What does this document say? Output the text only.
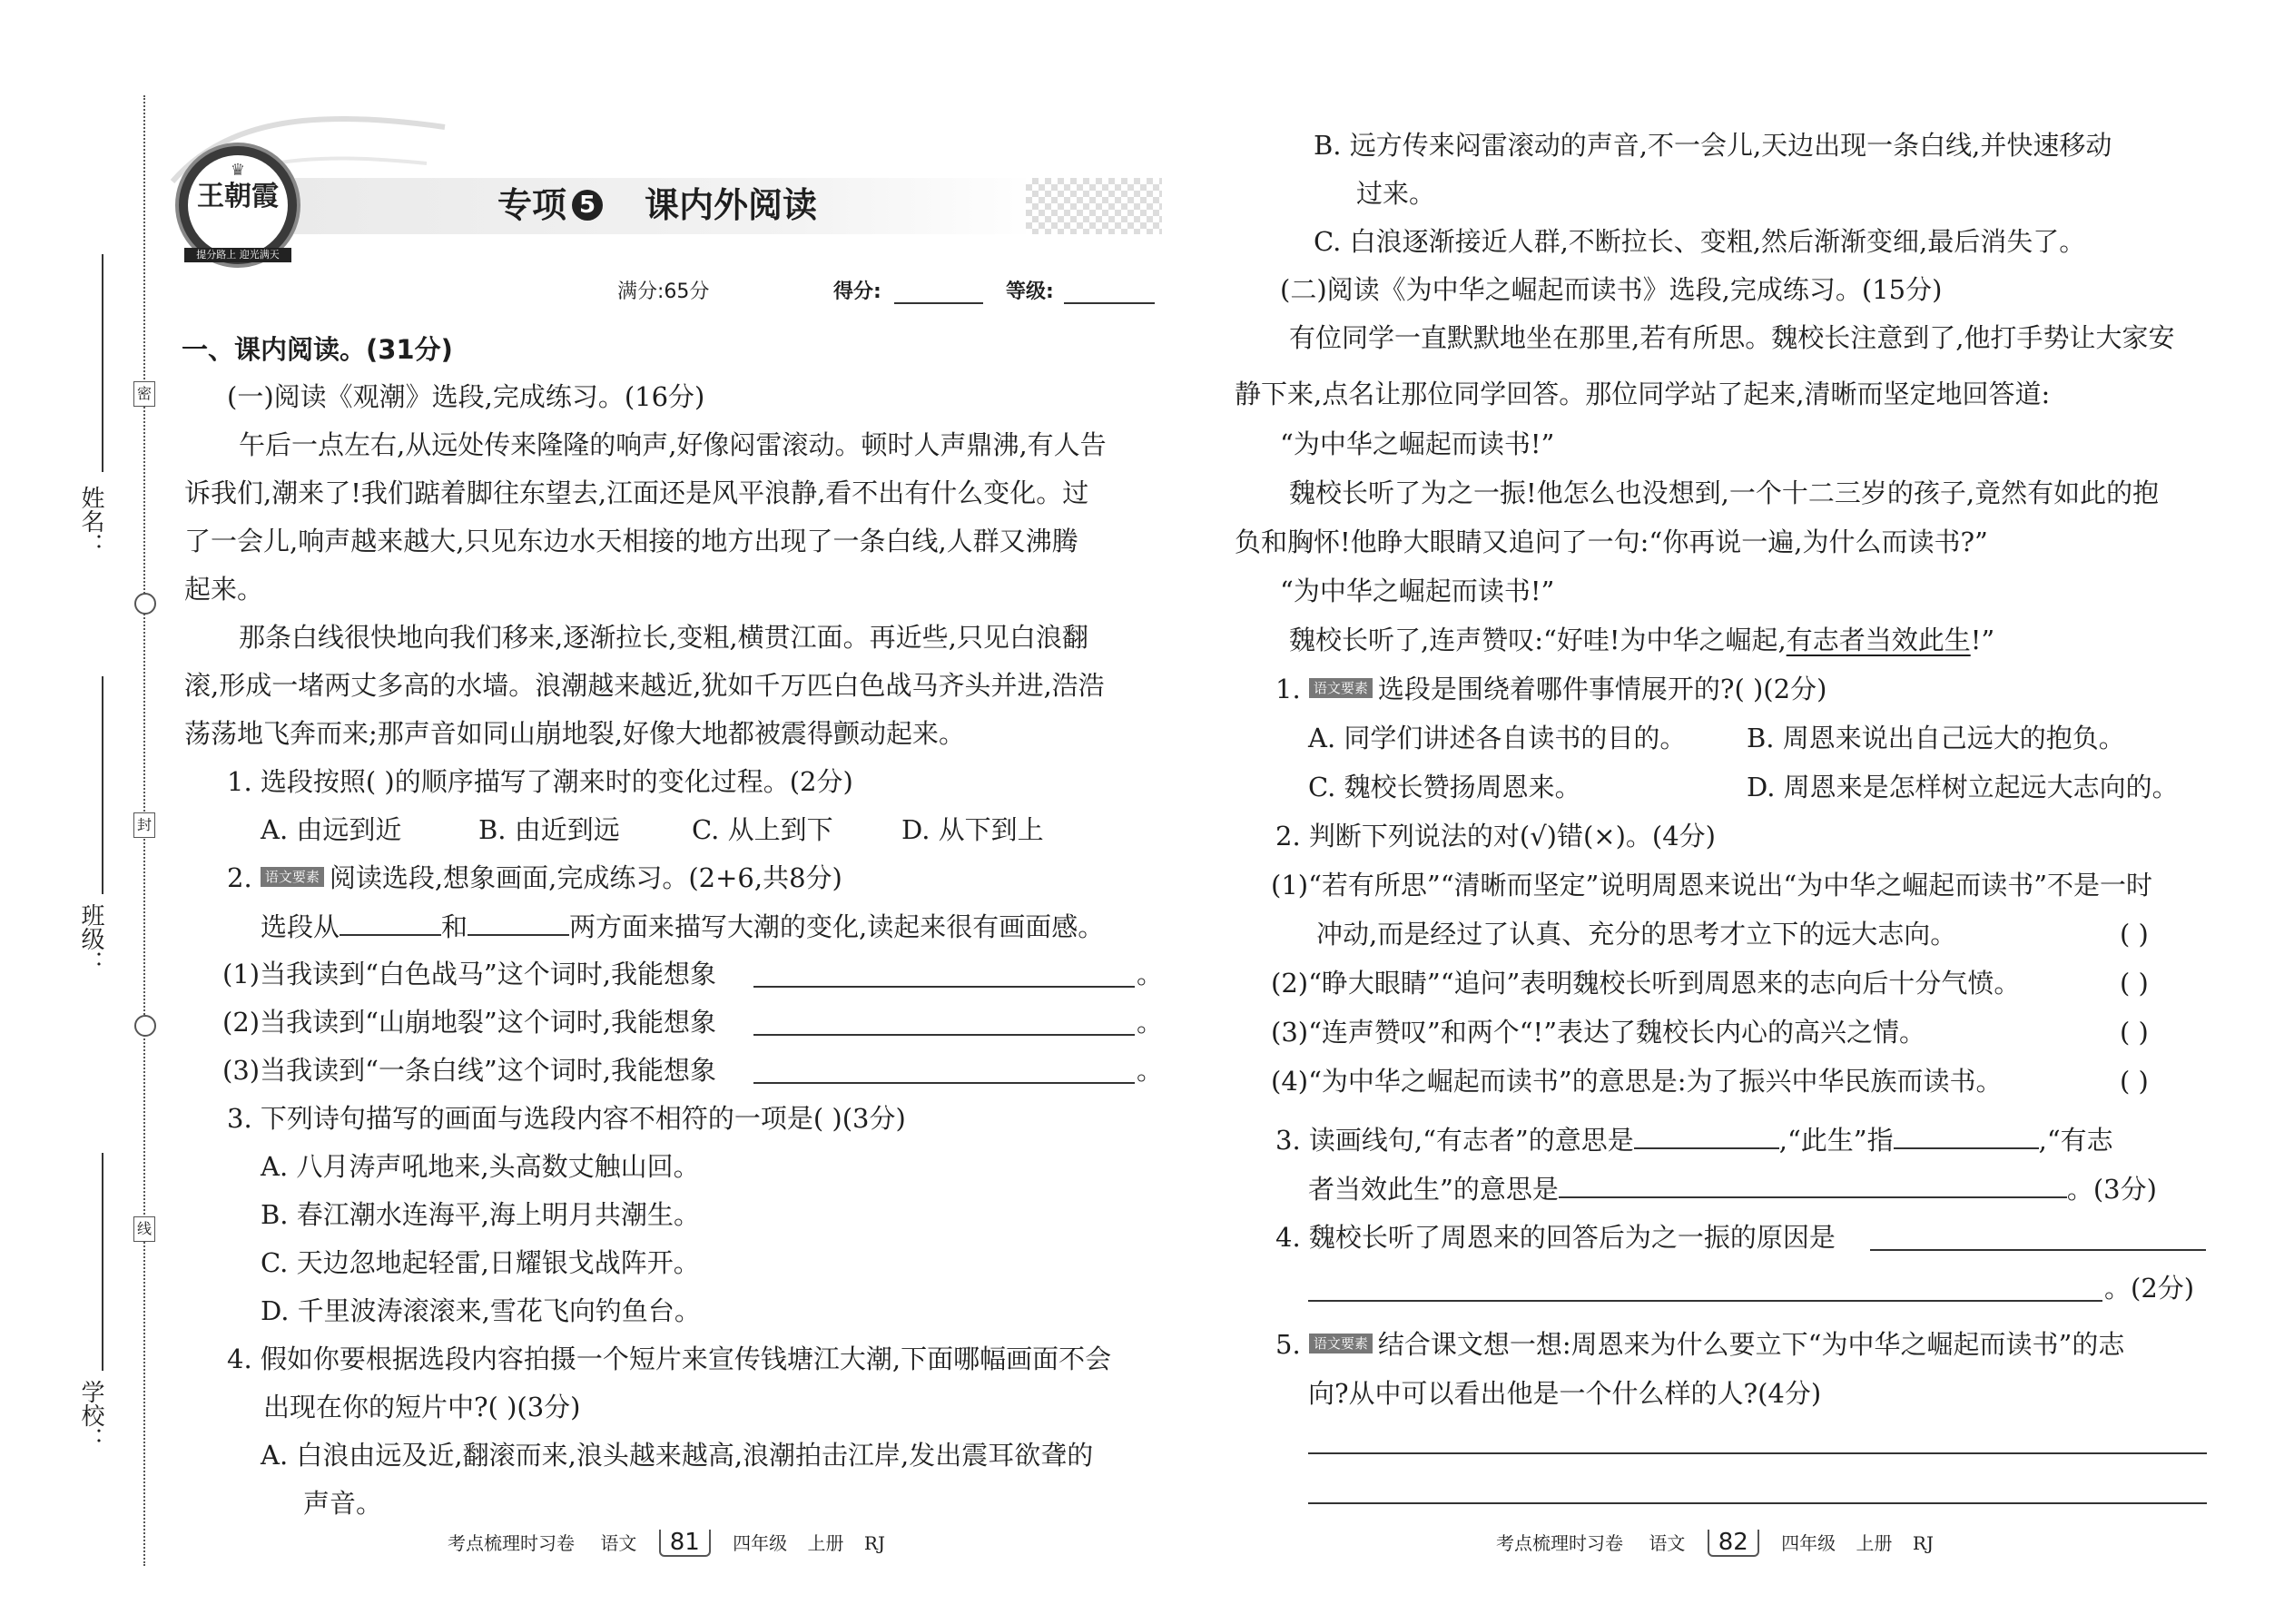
密
封
线
姓名：
班级：
学校：
♛
王朝霞
提分路上 迎光满天
专项 5 课内外阅读
满分:65分	得分:	等级:
一、课内阅读。(31分)
(一)阅读《观潮》选段,完成练习。(16分)
午后一点左右,从远处传来隆隆的响声,好像闷雷滚动。顿时人声鼎沸,有人告
诉我们,潮来了!我们踮着脚往东望去,江面还是风平浪静,看不出有什么变化。过
了一会儿,响声越来越大,只见东边水天相接的地方出现了一条白线,人群又沸腾
起来。
那条白线很快地向我们移来,逐渐拉长,变粗,横贯江面。再近些,只见白浪翻
滚,形成一堵两丈多高的水墙。浪潮越来越近,犹如千万匹白色战马齐头并进,浩浩
荡荡地飞奔而来;那声音如同山崩地裂,好像大地都被震得颤动起来。
1. 选段按照( )的顺序描写了潮来时的变化过程。(2分)
A. 由远到近	B. 由近到远	C. 从上到下	D. 从下到上
2. 语文要素 阅读选段,想象画面,完成练习。(2+6,共8分)
选段从	和	两方面来描写大潮的变化,读起来很有画面感。
(1)当我读到“白色战马”这个词时,我能想象	。
(2)当我读到“山崩地裂”这个词时,我能想象	。
(3)当我读到“一条白线”这个词时,我能想象	。
3. 下列诗句描写的画面与选段内容不相符的一项是( )(3分)
A. 八月涛声吼地来,头高数丈触山回。
B. 春江潮水连海平,海上明月共潮生。
C. 天边忽地起轻雷,日耀银戈战阵开。
D. 千里波涛滚滚来,雪花飞向钓鱼台。
4. 假如你要根据选段内容拍摄一个短片来宣传钱塘江大潮,下面哪幅画面不会
出现在你的短片中?( )(3分)
A. 白浪由远及近,翻滚而来,浪头越来越高,浪潮拍击江岸,发出震耳欲聋的
声音。
考点梳理时习卷 语文 81 四年级 上册 RJ
B. 远方传来闷雷滚动的声音,不一会儿,天边出现一条白线,并快速移动
过来。
C. 白浪逐渐接近人群,不断拉长、变粗,然后渐渐变细,最后消失了。
(二)阅读《为中华之崛起而读书》选段,完成练习。(15分)
有位同学一直默默地坐在那里,若有所思。魏校长注意到了,他打手势让大家安
静下来,点名让那位同学回答。那位同学站了起来,清晰而坚定地回答道:
“为中华之崛起而读书!”
魏校长听了为之一振!他怎么也没想到,一个十二三岁的孩子,竟然有如此的抱
负和胸怀!他睁大眼睛又追问了一句:“你再说一遍,为什么而读书?”
“为中华之崛起而读书!”
魏校长听了,连声赞叹:“好哇!为中华之崛起,有志者当效此生!”
1. 语文要素 选段是围绕着哪件事情展开的?( )(2分)
A. 同学们讲述各自读书的目的。 B. 周恩来说出自己远大的抱负。
C. 魏校长赞扬周恩来。	D. 周恩来是怎样树立起远大志向的。
2. 判断下列说法的对(√)错(×)。(4分)
(1)“若有所思”“清晰而坚定”说明周恩来说出“为中华之崛起而读书”不是一时
冲动,而是经过了认真、充分的思考才立下的远大志向。	( )
(2)“睁大眼睛”“追问”表明魏校长听到周恩来的志向后十分气愤。	( )
(3)“连声赞叹”和两个“!”表达了魏校长内心的高兴之情。	( )
(4)“为中华之崛起而读书”的意思是:为了振兴中华民族而读书。	( )
3. 读画线句,“有志者”的意思是	,“此生”指	,“有志
者当效此生”的意思是	。(3分)
4. 魏校长听了周恩来的回答后为之一振的原因是
。(2分)
5. 语文要素 结合课文想一想:周恩来为什么要立下“为中华之崛起而读书”的志
向?从中可以看出他是一个什么样的人?(4分)
考点梳理时习卷 语文 82 四年级 上册 RJ
